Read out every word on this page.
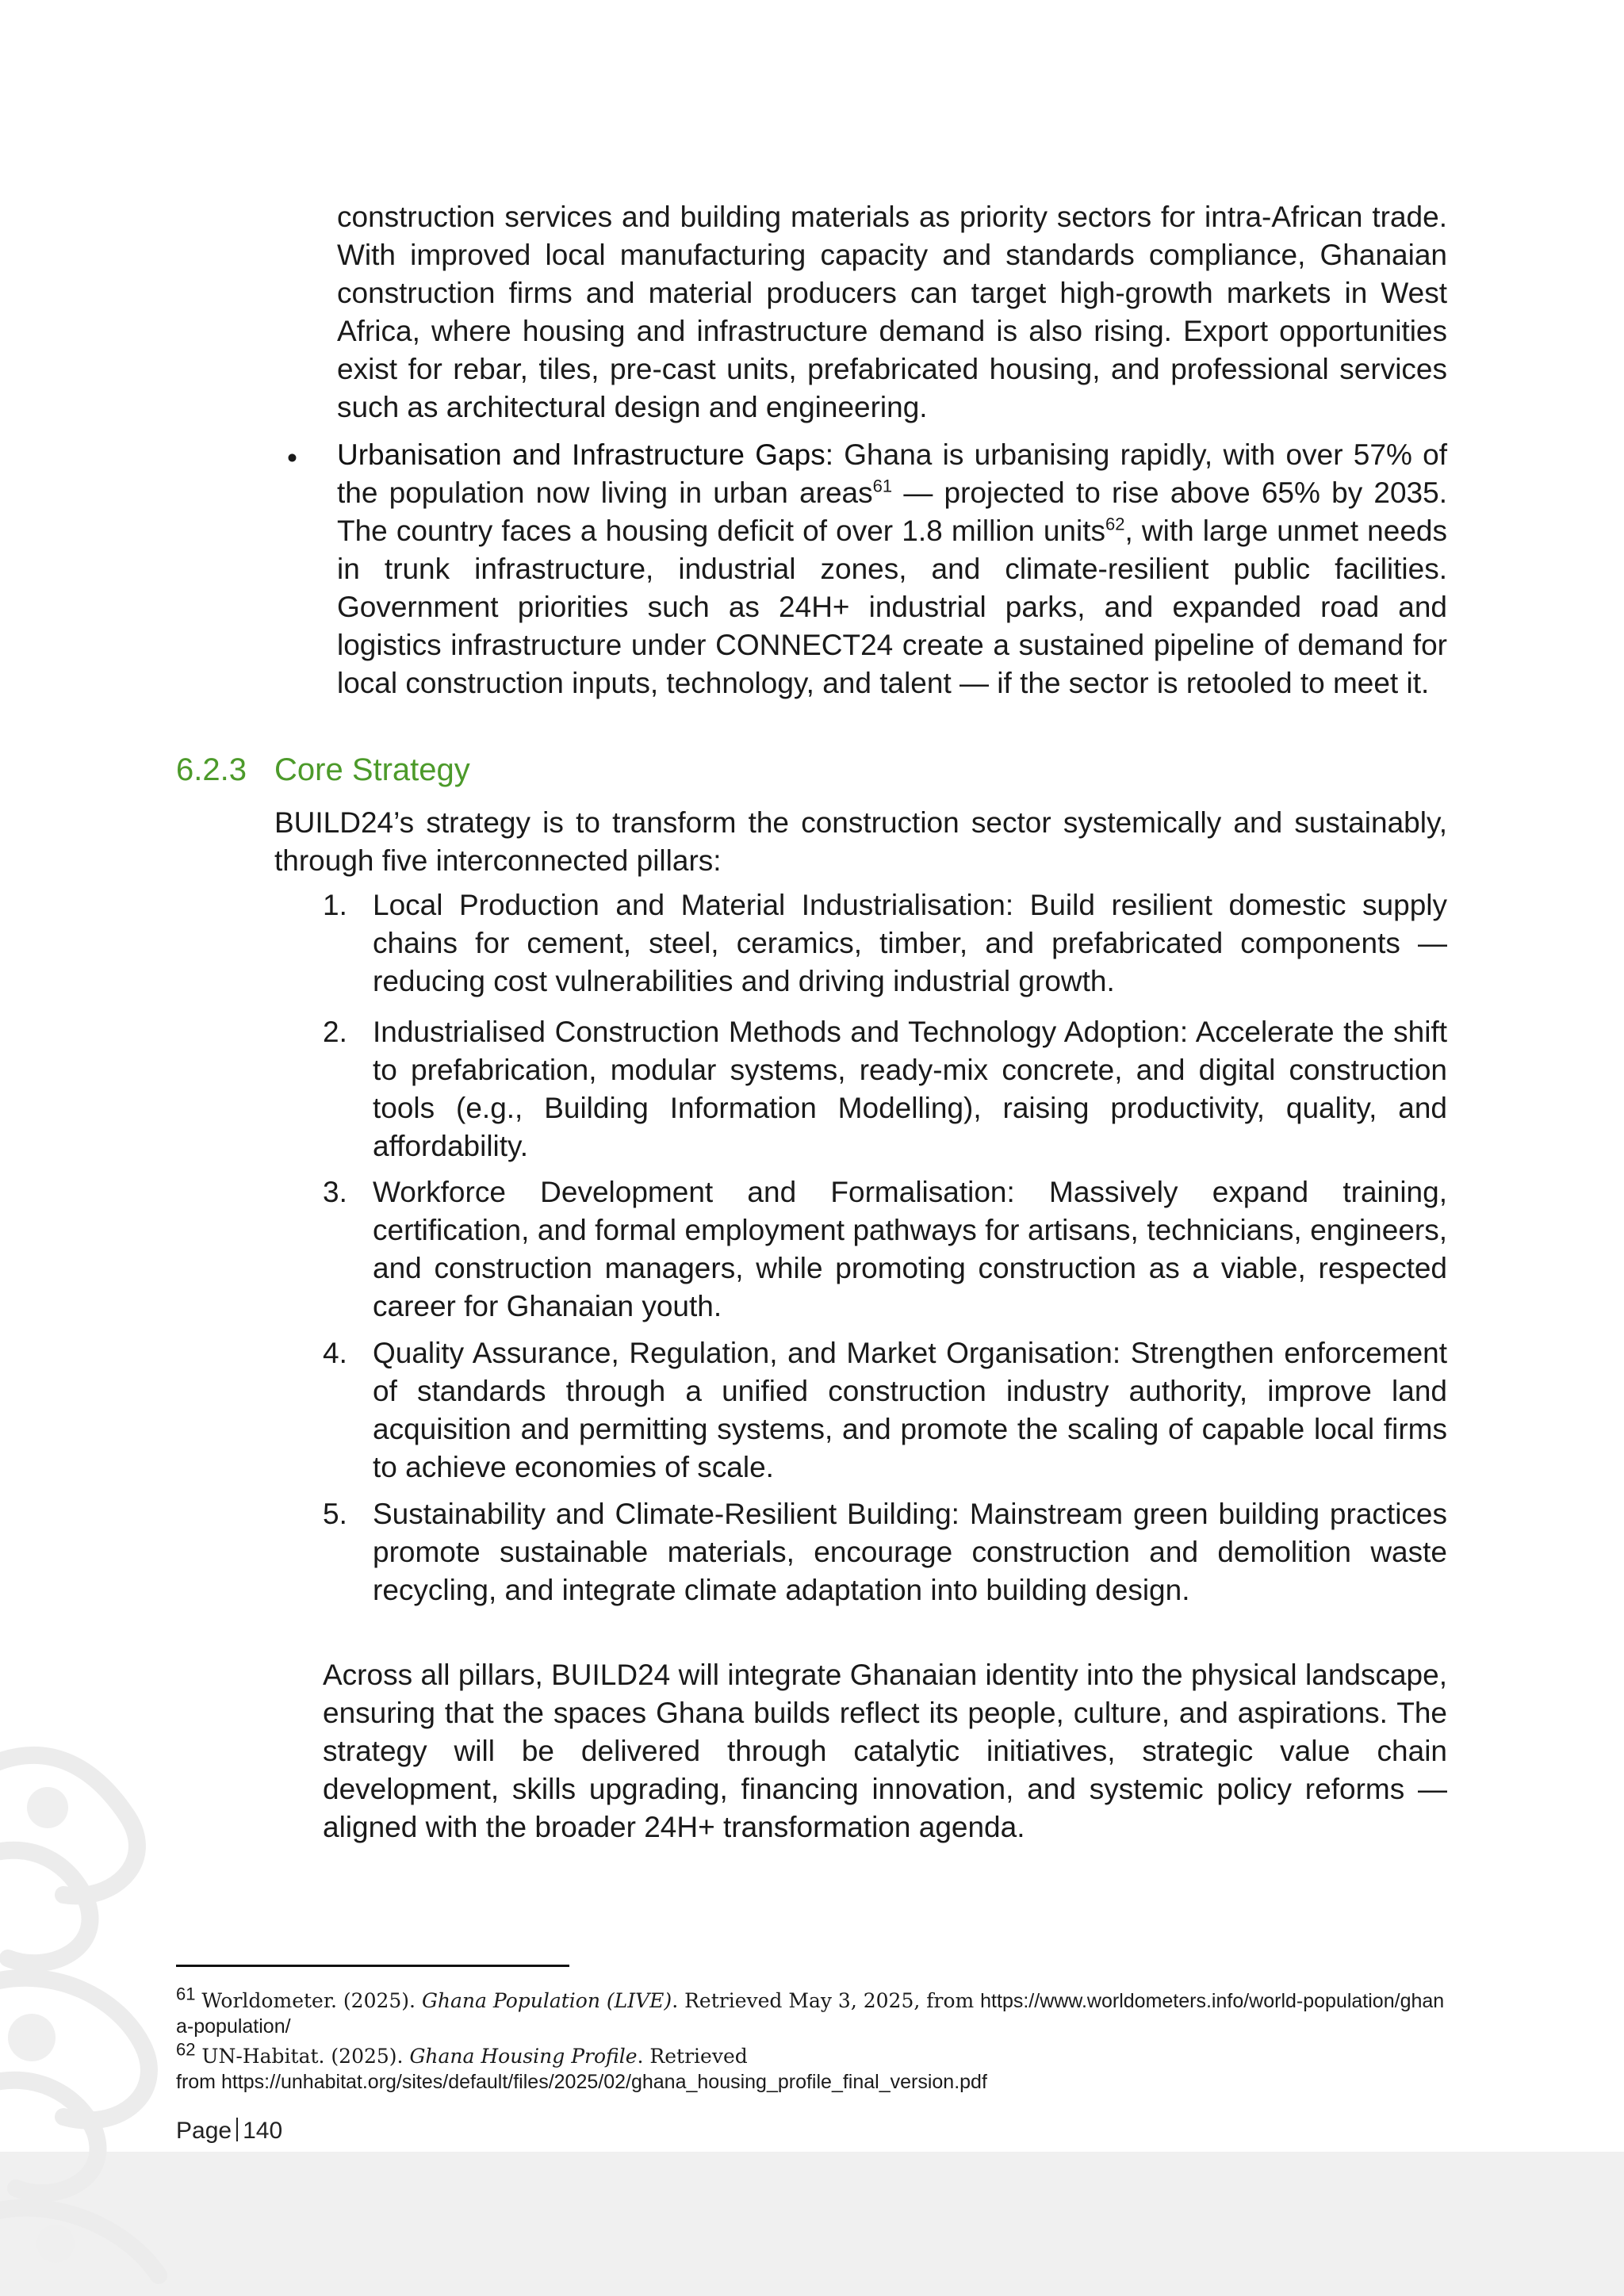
construction services and building materials as priority sectors for intra-African trade. With improved local manufacturing capacity and standards compliance, Ghanaian construction firms and material producers can target high-growth markets in West Africa, where housing and infrastructure demand is also rising. Export opportunities exist for rebar, tiles, pre-cast units, prefabricated housing, and professional services such as architectural design and engineering.

• Urbanisation and Infrastructure Gaps: Ghana is urbanising rapidly, with over 57% of the population now living in urban areas$^{61}$ — projected to rise above 65% by 2035. The country faces a housing deficit of over 1.8 million units$^{62}$, with large unmet needs in trunk infrastructure, industrial zones, and climate-resilient public facilities. Government priorities such as 24H+ industrial parks, and expanded road and logistics infrastructure under CONNECT24 create a sustained pipeline of demand for local construction inputs, technology, and talent — if the sector is retooled to meet it.

6.2.3 Core Strategy

BUILD24’s strategy is to transform the construction sector systemically and sustainably, through five interconnected pillars:

1. Local Production and Material Industrialisation: Build resilient domestic supply chains for cement, steel, ceramics, timber, and prefabricated components — reducing cost vulnerabilities and driving industrial growth.

2. Industrialised Construction Methods and Technology Adoption: Accelerate the shift to prefabrication, modular systems, ready-mix concrete, and digital construction tools (e.g., Building Information Modelling), raising productivity, quality, and affordability.

3. Workforce Development and Formalisation: Massively expand training, certification, and formal employment pathways for artisans, technicians, engineers, and construction managers, while promoting construction as a viable, respected career for Ghanaian youth.

4. Quality Assurance, Regulation, and Market Organisation: Strengthen enforcement of standards through a unified construction industry authority, improve land acquisition and permitting systems, and promote the scaling of capable local firms to achieve economies of scale.

5. Sustainability and Climate-Resilient Building: Mainstream green building practices promote sustainable materials, encourage construction and demolition waste recycling, and integrate climate adaptation into building design.

Across all pillars, BUILD24 will integrate Ghanaian identity into the physical landscape, ensuring that the spaces Ghana builds reflect its people, culture, and aspirations. The strategy will be delivered through catalytic initiatives, strategic value chain development, skills upgrading, financing innovation, and systemic policy reforms — aligned with the broader 24H+ transformation agenda.

$^{61}$ Worldometer. (2025). Ghana Population (LIVE). Retrieved May 3, 2025, from https://www.worldometers.info/world-population/ghana-population/
$^{62}$ UN-Habitat. (2025). Ghana Housing Profile. Retrieved
from https://unhabitat.org/sites/default/files/2025/02/ghana_housing_profile_final_version.pdf
Page 140
